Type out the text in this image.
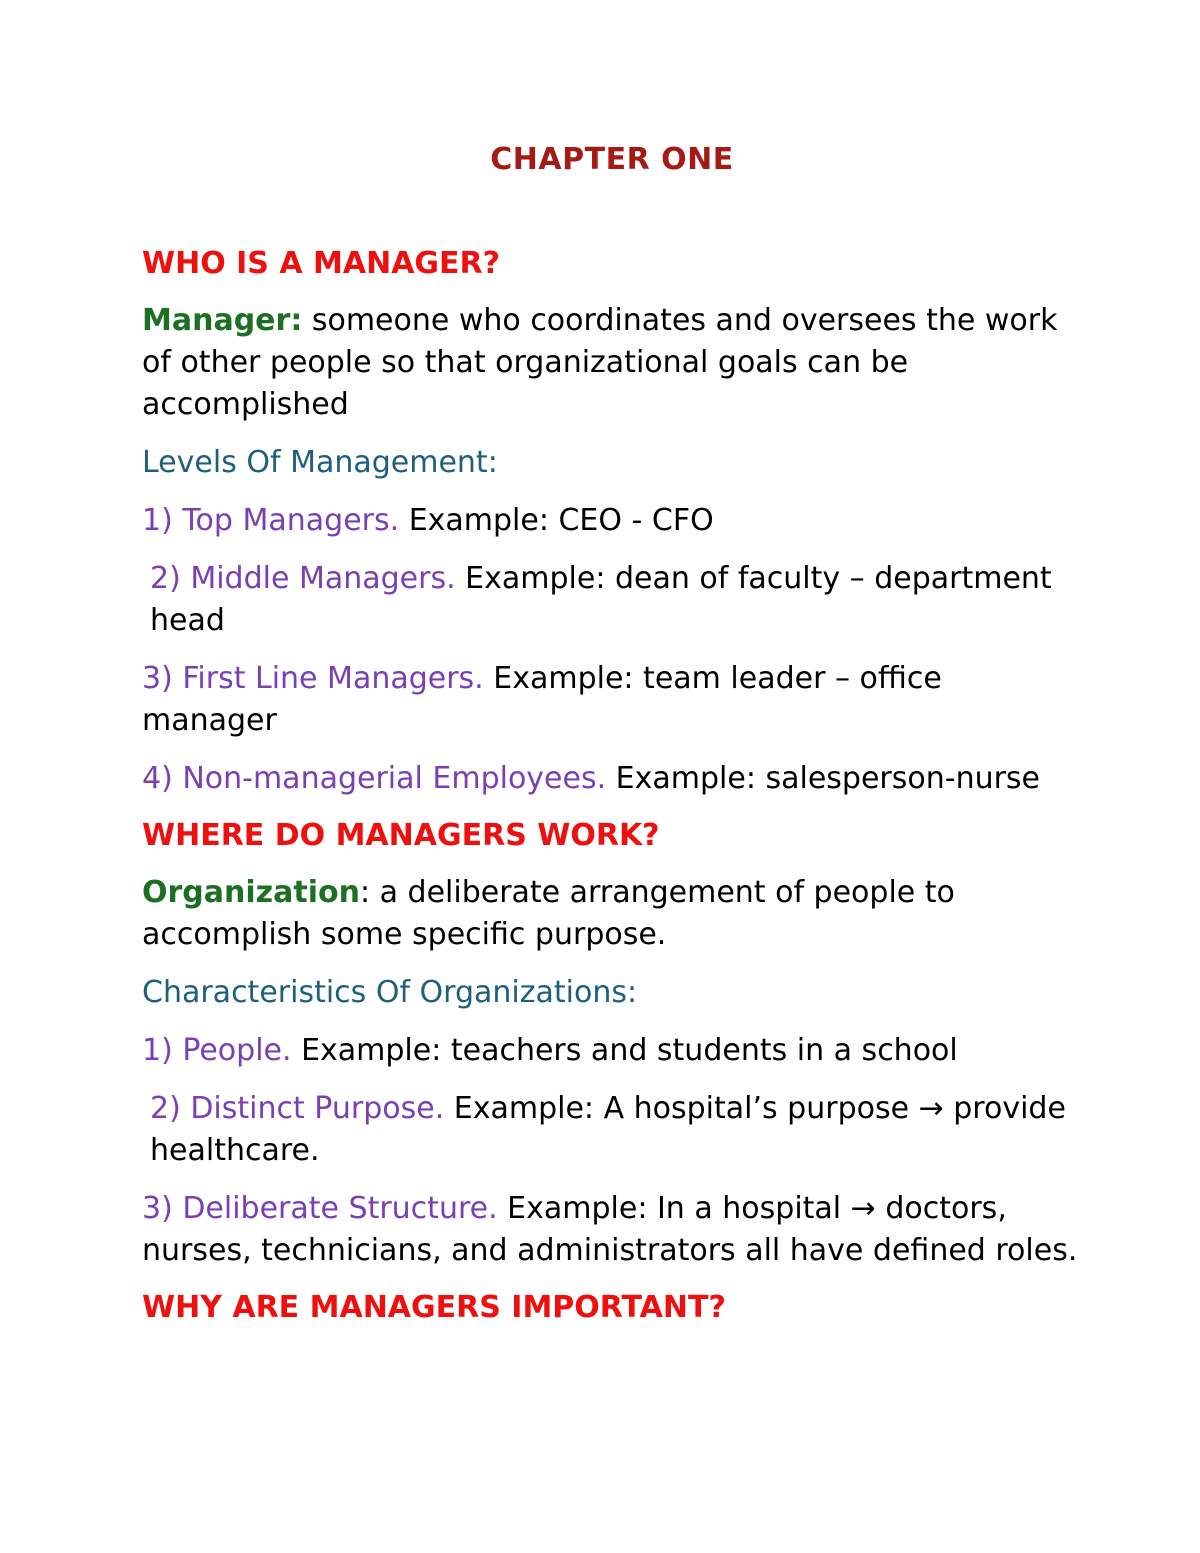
CHAPTER ONE
WHO IS A MANAGER?
Manager: someone who coordinates and oversees the work of other people so that organizational goals can be accomplished
Levels Of Management:
1) Top Managers. Example: CEO - CFO
2) Middle Managers. Example: dean of faculty – department head
3) First Line Managers. Example: team leader – office manager
4) Non-managerial Employees. Example: salesperson-nurse
WHERE DO MANAGERS WORK?
Organization: a deliberate arrangement of people to accomplish some specific purpose.
Characteristics Of Organizations:
1) People. Example: teachers and students in a school
2) Distinct Purpose. Example: A hospital’s purpose → provide healthcare.
3) Deliberate Structure. Example: In a hospital → doctors, nurses, technicians, and administrators all have defined roles.
WHY ARE MANAGERS IMPORTANT?
